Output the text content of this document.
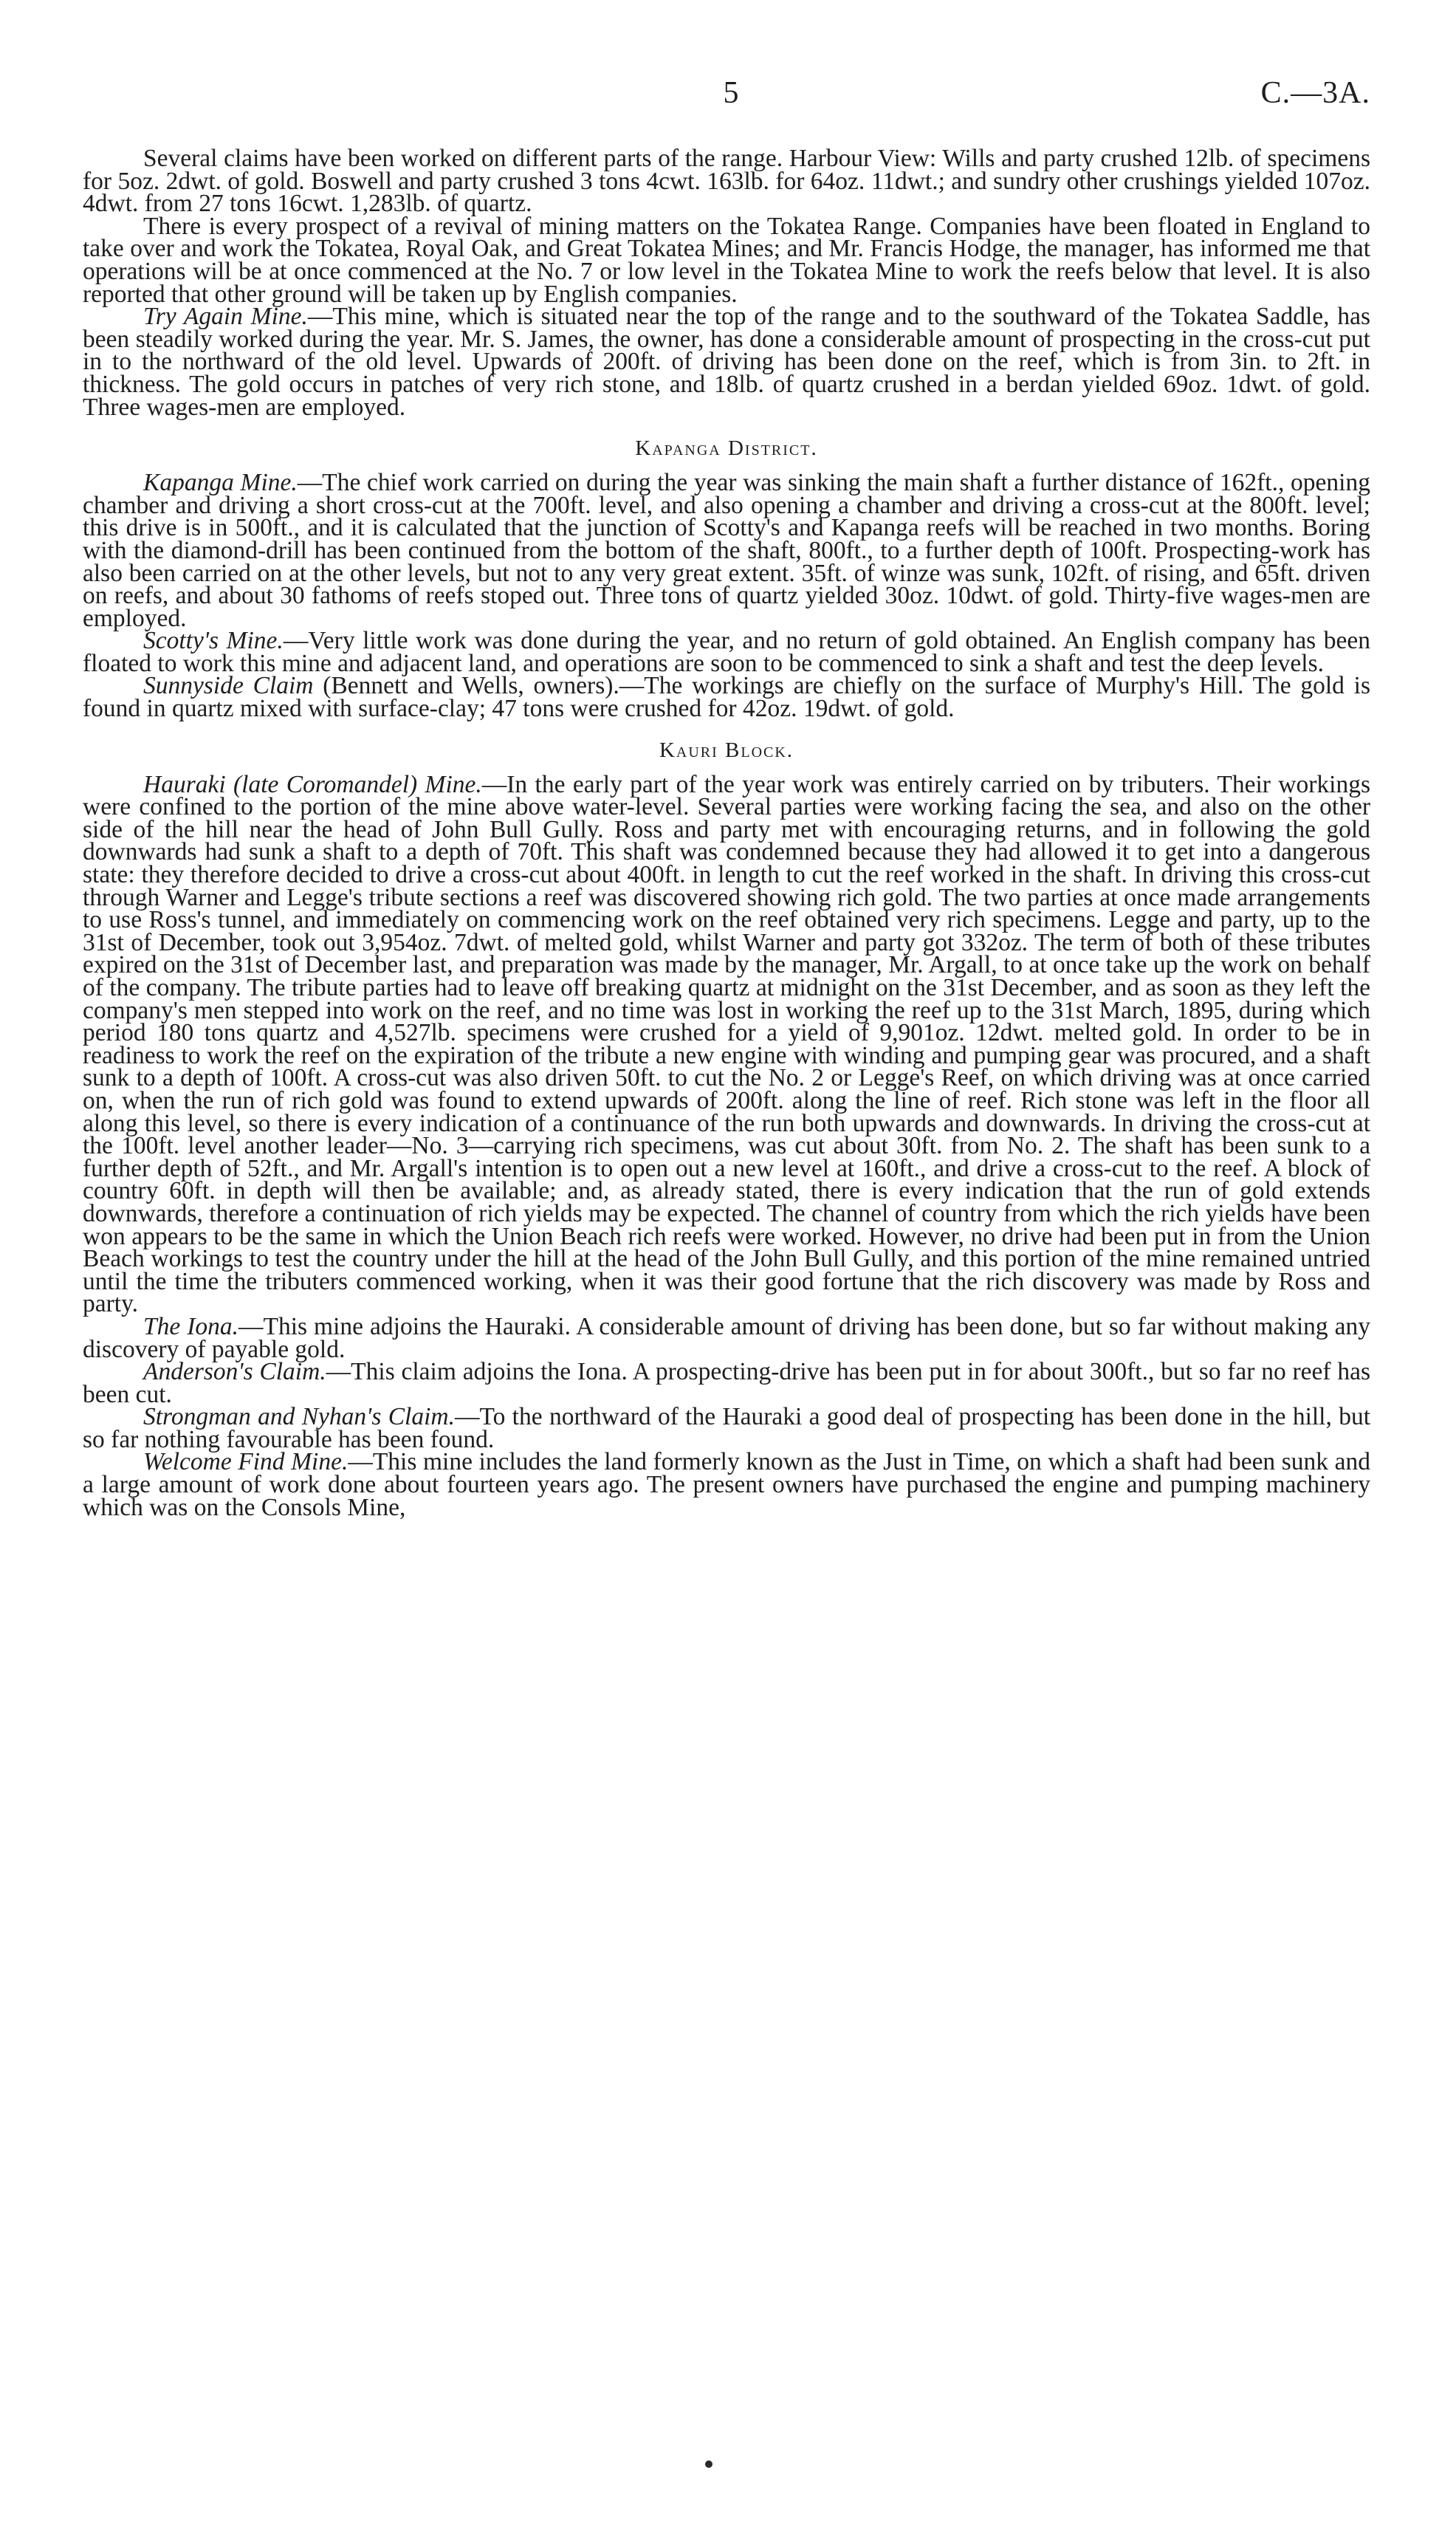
5	C.—3A.

Several claims have been worked on different parts of the range. Harbour View: Wills and party crushed 12lb. of specimens for 5oz. 2dwt. of gold. Boswell and party crushed 3 tons 4cwt. 163lb. for 64oz. 11dwt.; and sundry other crushings yielded 107oz. 4dwt. from 27 tons 16cwt. 1,283lb. of quartz.

There is every prospect of a revival of mining matters on the Tokatea Range. Companies have been floated in England to take over and work the Tokatea, Royal Oak, and Great Tokatea Mines; and Mr. Francis Hodge, the manager, has informed me that operations will be at once commenced at the No. 7 or low level in the Tokatea Mine to work the reefs below that level. It is also reported that other ground will be taken up by English companies.

Try Again Mine.—This mine, which is situated near the top of the range and to the southward of the Tokatea Saddle, has been steadily worked during the year. Mr. S. James, the owner, has done a considerable amount of prospecting in the cross-cut put in to the northward of the old level. Upwards of 200ft. of driving has been done on the reef, which is from 3in. to 2ft. in thickness. The gold occurs in patches of very rich stone, and 18lb. of quartz crushed in a berdan yielded 69oz. 1dwt. of gold. Three wages-men are employed.

Kapanga District.

Kapanga Mine.—The chief work carried on during the year was sinking the main shaft a further distance of 162ft., opening chamber and driving a short cross-cut at the 700ft. level, and also opening a chamber and driving a cross-cut at the 800ft. level; this drive is in 500ft., and it is calculated that the junction of Scotty's and Kapanga reefs will be reached in two months. Boring with the diamond-drill has been continued from the bottom of the shaft, 800ft., to a further depth of 100ft. Prospecting-work has also been carried on at the other levels, but not to any very great extent. 35ft. of winze was sunk, 102ft. of rising, and 65ft. driven on reefs, and about 30 fathoms of reefs stoped out. Three tons of quartz yielded 30oz. 10dwt. of gold. Thirty-five wages-men are employed.

Scotty's Mine.—Very little work was done during the year, and no return of gold obtained. An English company has been floated to work this mine and adjacent land, and operations are soon to be commenced to sink a shaft and test the deep levels.

Sunnyside Claim (Bennett and Wells, owners).—The workings are chiefly on the surface of Murphy's Hill. The gold is found in quartz mixed with surface-clay; 47 tons were crushed for 42oz. 19dwt. of gold.

Kauri Block.

Hauraki (late Coromandel) Mine.—In the early part of the year work was entirely carried on by tributers. Their workings were confined to the portion of the mine above water-level. Several parties were working facing the sea, and also on the other side of the hill near the head of John Bull Gully. Ross and party met with encouraging returns, and in following the gold downwards had sunk a shaft to a depth of 70ft. This shaft was condemned because they had allowed it to get into a dangerous state: they therefore decided to drive a cross-cut about 400ft. in length to cut the reef worked in the shaft. In driving this cross-cut through Warner and Legge's tribute sections a reef was discovered showing rich gold. The two parties at once made arrangements to use Ross's tunnel, and immediately on commencing work on the reef obtained very rich specimens. Legge and party, up to the 31st of December, took out 3,954oz. 7dwt. of melted gold, whilst Warner and party got 332oz. The term of both of these tributes expired on the 31st of December last, and preparation was made by the manager, Mr. Argall, to at once take up the work on behalf of the company. The tribute parties had to leave off breaking quartz at midnight on the 31st December, and as soon as they left the company's men stepped into work on the reef, and no time was lost in working the reef up to the 31st March, 1895, during which period 180 tons quartz and 4,527lb. specimens were crushed for a yield of 9,901oz. 12dwt. melted gold. In order to be in readiness to work the reef on the expiration of the tribute a new engine with winding and pumping gear was procured, and a shaft sunk to a depth of 100ft. A cross-cut was also driven 50ft. to cut the No. 2 or Legge's Reef, on which driving was at once carried on, when the run of rich gold was found to extend upwards of 200ft. along the line of reef. Rich stone was left in the floor all along this level, so there is every indication of a continuance of the run both upwards and downwards. In driving the cross-cut at the 100ft. level another leader—No. 3—carrying rich specimens, was cut about 30ft. from No. 2. The shaft has been sunk to a further depth of 52ft., and Mr. Argall's intention is to open out a new level at 160ft., and drive a cross-cut to the reef. A block of country 60ft. in depth will then be available; and, as already stated, there is every indication that the run of gold extends downwards, therefore a continuation of rich yields may be expected. The channel of country from which the rich yields have been won appears to be the same in which the Union Beach rich reefs were worked. However, no drive had been put in from the Union Beach workings to test the country under the hill at the head of the John Bull Gully, and this portion of the mine remained untried until the time the tributers commenced working, when it was their good fortune that the rich discovery was made by Ross and party.

The Iona.—This mine adjoins the Hauraki. A considerable amount of driving has been done, but so far without making any discovery of payable gold.

Anderson's Claim.—This claim adjoins the Iona. A prospecting-drive has been put in for about 300ft., but so far no reef has been cut.

Strongman and Nyhan's Claim.—To the northward of the Hauraki a good deal of prospecting has been done in the hill, but so far nothing favourable has been found.

Welcome Find Mine.—This mine includes the land formerly known as the Just in Time, on which a shaft had been sunk and a large amount of work done about fourteen years ago. The present owners have purchased the engine and pumping machinery which was on the Consols Mine,
